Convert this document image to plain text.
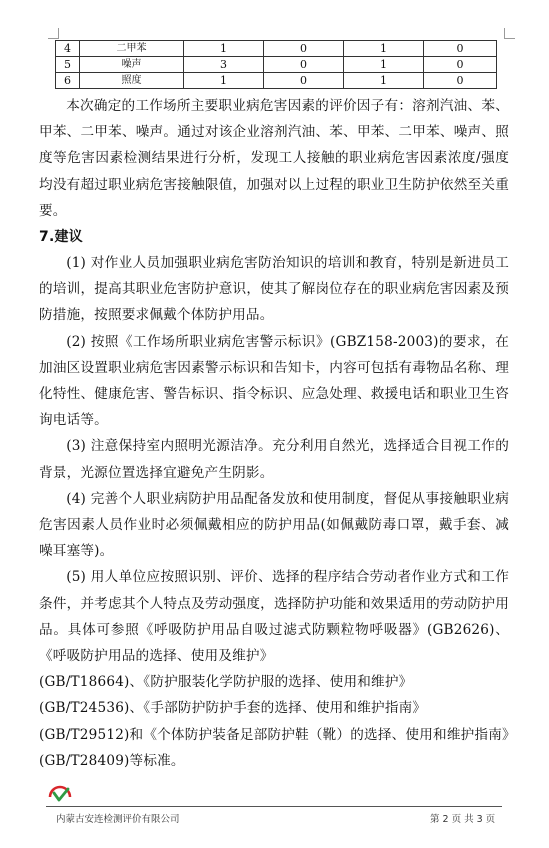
4	二甲苯	1	0	1	0
5	噪声	3	0	1	0
6	照度	1	0	1	0

本次确定的工作场所主要职业病危害因素的评价因子有：溶剂汽油、苯、甲苯、二甲苯、噪声。通过对该企业溶剂汽油、苯、甲苯、二甲苯、噪声、照度等危害因素检测结果进行分析，发现工人接触的职业病危害因素浓度/强度均没有超过职业病危害接触限值，加强对以上过程的职业卫生防护依然至关重要。

7.建议

(1) 对作业人员加强职业病危害防治知识的培训和教育，特别是新进员工的培训，提高其职业危害防护意识，使其了解岗位存在的职业病危害因素及预防措施，按照要求佩戴个体防护用品。

(2) 按照《工作场所职业病危害警示标识》(GBZ158-2003)的要求，在加油区设置职业病危害因素警示标识和告知卡，内容可包括有毒物品名称、理化特性、健康危害、警告标识、指令标识、应急处理、救援电话和职业卫生咨询电话等。

(3) 注意保持室内照明光源洁净。充分利用自然光，选择适合目视工作的背景，光源位置选择宜避免产生阴影。

(4) 完善个人职业病防护用品配备发放和使用制度，督促从事接触职业病危害因素人员作业时必须佩戴相应的防护用品(如佩戴防毒口罩，戴手套、减噪耳塞等)。

(5) 用人单位应按照识别、评价、选择的程序结合劳动者作业方式和工作条件，并考虑其个人特点及劳动强度，选择防护功能和效果适用的劳动防护用品。具体可参照《呼吸防护用品自吸过滤式防颗粒物呼吸器》(GB2626)、《呼吸防护用品的选择、使用及维护》

(GB/T18664)、《防护服装化学防护服的选择、使用和维护》

(GB/T24536)、《手部防护防护手套的选择、使用和维护指南》

(GB/T29512)和《个体防护装备足部防护鞋（靴）的选择、使用和维护指南》(GB/T28409)等标准。

内蒙古安连检测评价有限公司	第 2 页 共 3 页
